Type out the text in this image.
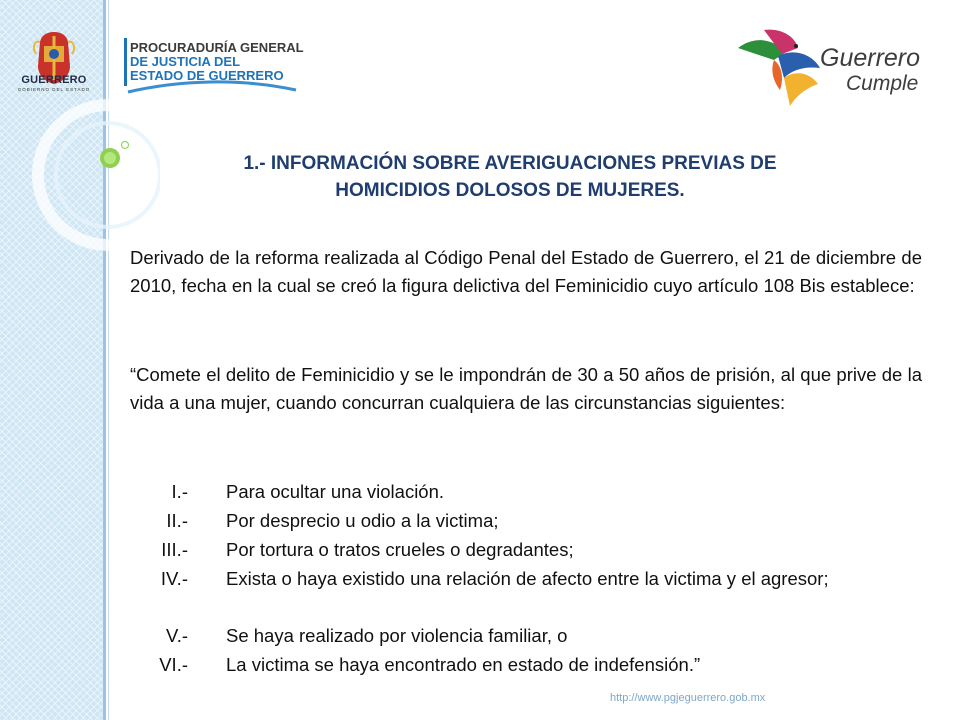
GUERRERO
GOBIERNO DEL ESTADO
PROCURADURÍA GENERAL
DE JUSTICIA DEL
ESTADO DE GUERRERO
Guerrero
Cumple
1.- INFORMACIÓN SOBRE AVERIGUACIONES PREVIAS DE
HOMICIDIOS DOLOSOS DE MUJERES.
Derivado de la reforma realizada al Código Penal del Estado de Guerrero, el 21 de diciembre de 2010, fecha en la cual se creó la figura delictiva del Feminicidio cuyo artículo 108 Bis establece:
“Comete el delito de Feminicidio y se le impondrán de 30 a 50 años de prisión, al que prive de la vida a una mujer, cuando concurran cualquiera de las circunstancias siguientes:
I.- Para ocultar una violación.
II.- Por desprecio u odio a la victima;
III.- Por tortura o tratos crueles o degradantes;
IV.- Exista o haya existido una relación de afecto entre la victima y el agresor;
V.- Se haya realizado por violencia familiar, o
VI.- La victima se haya encontrado en estado de indefensión.”
http://www.pgjeguerrero.gob.mx
